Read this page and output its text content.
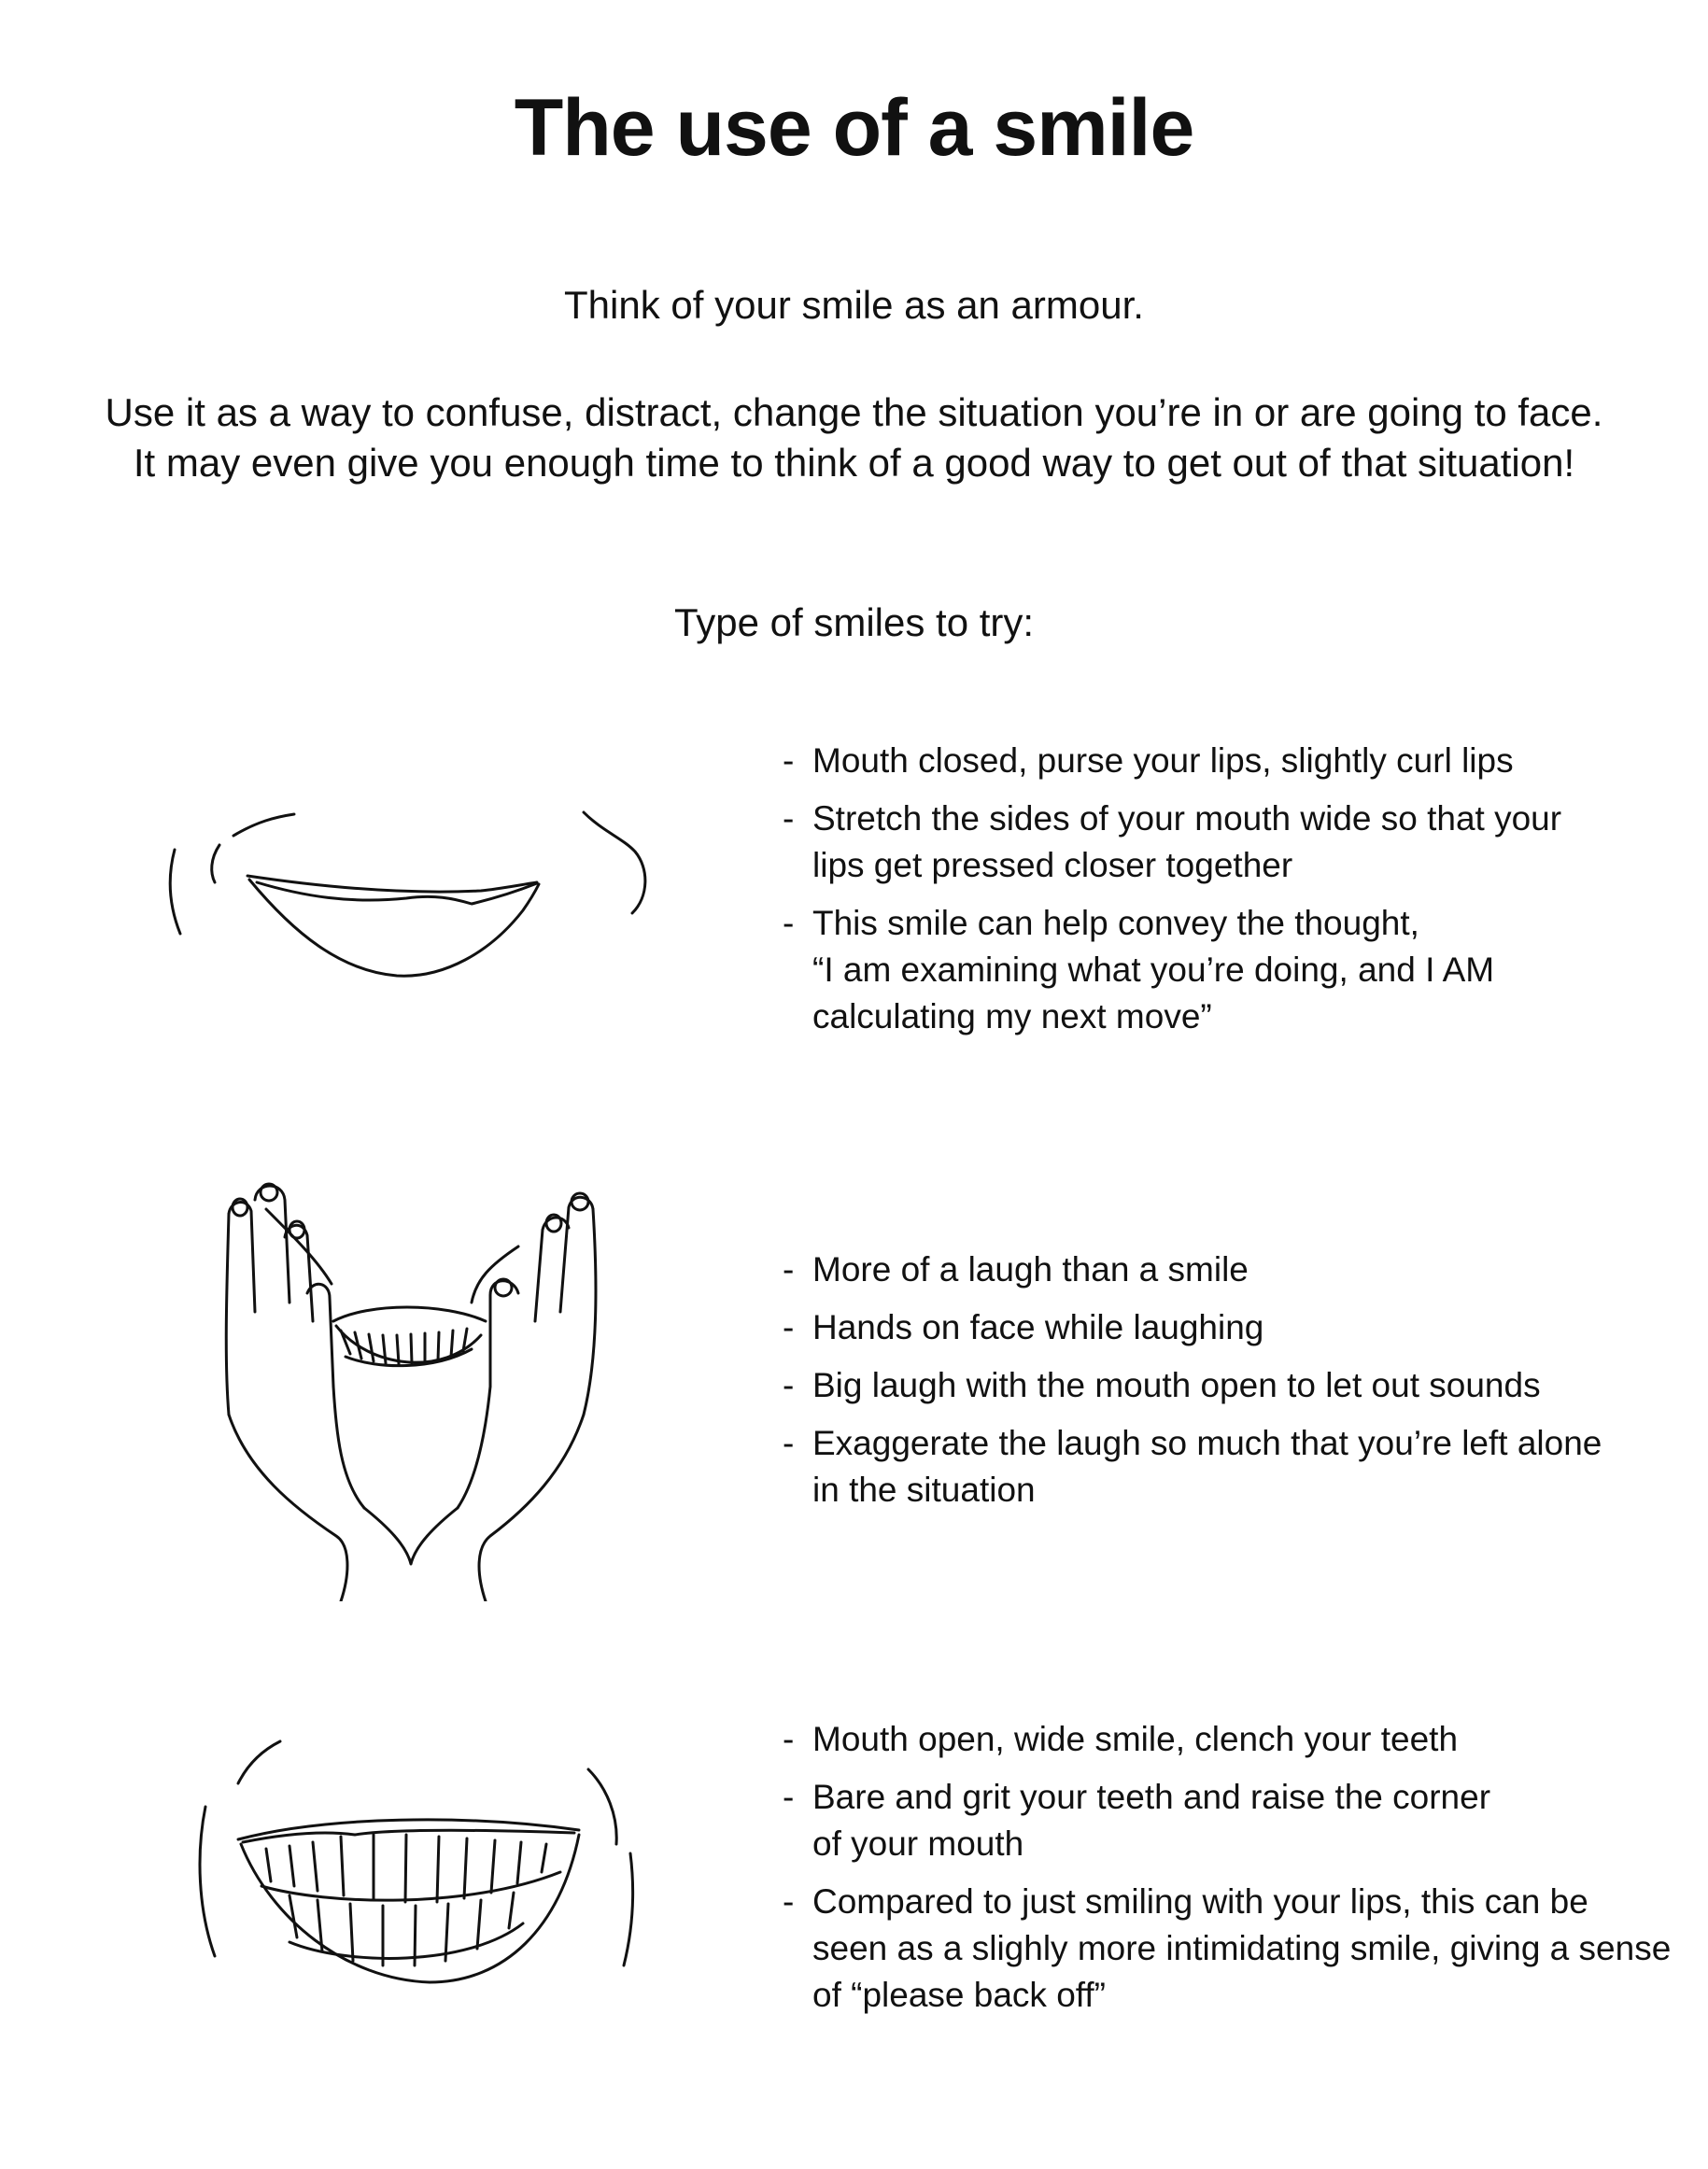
The use of a smile

Think of your smile as an armour.

Use it as a way to confuse, distract, change the situation you’re in or are going to face.
It may even give you enough time to think of a good way to get out of that situation!

Type of smiles to try:

- Mouth closed, purse your lips, slightly curl lips
- Stretch the sides of your mouth wide so that your
lips get pressed closer together
- This smile can help convey the thought,
“I am examining what you’re doing, and I AM
calculating my next move”
- More of a laugh than a smile
- Hands on face while laughing
- Big laugh with the mouth open to let out sounds
- Exaggerate the laugh so much that you’re left alone
in the situation
- Mouth open, wide smile, clench your teeth
- Bare and grit your teeth and raise the corner
of your mouth
- Compared to just smiling with your lips, this can be
seen as a slighly more intimidating smile, giving a sense
of “please back off”
